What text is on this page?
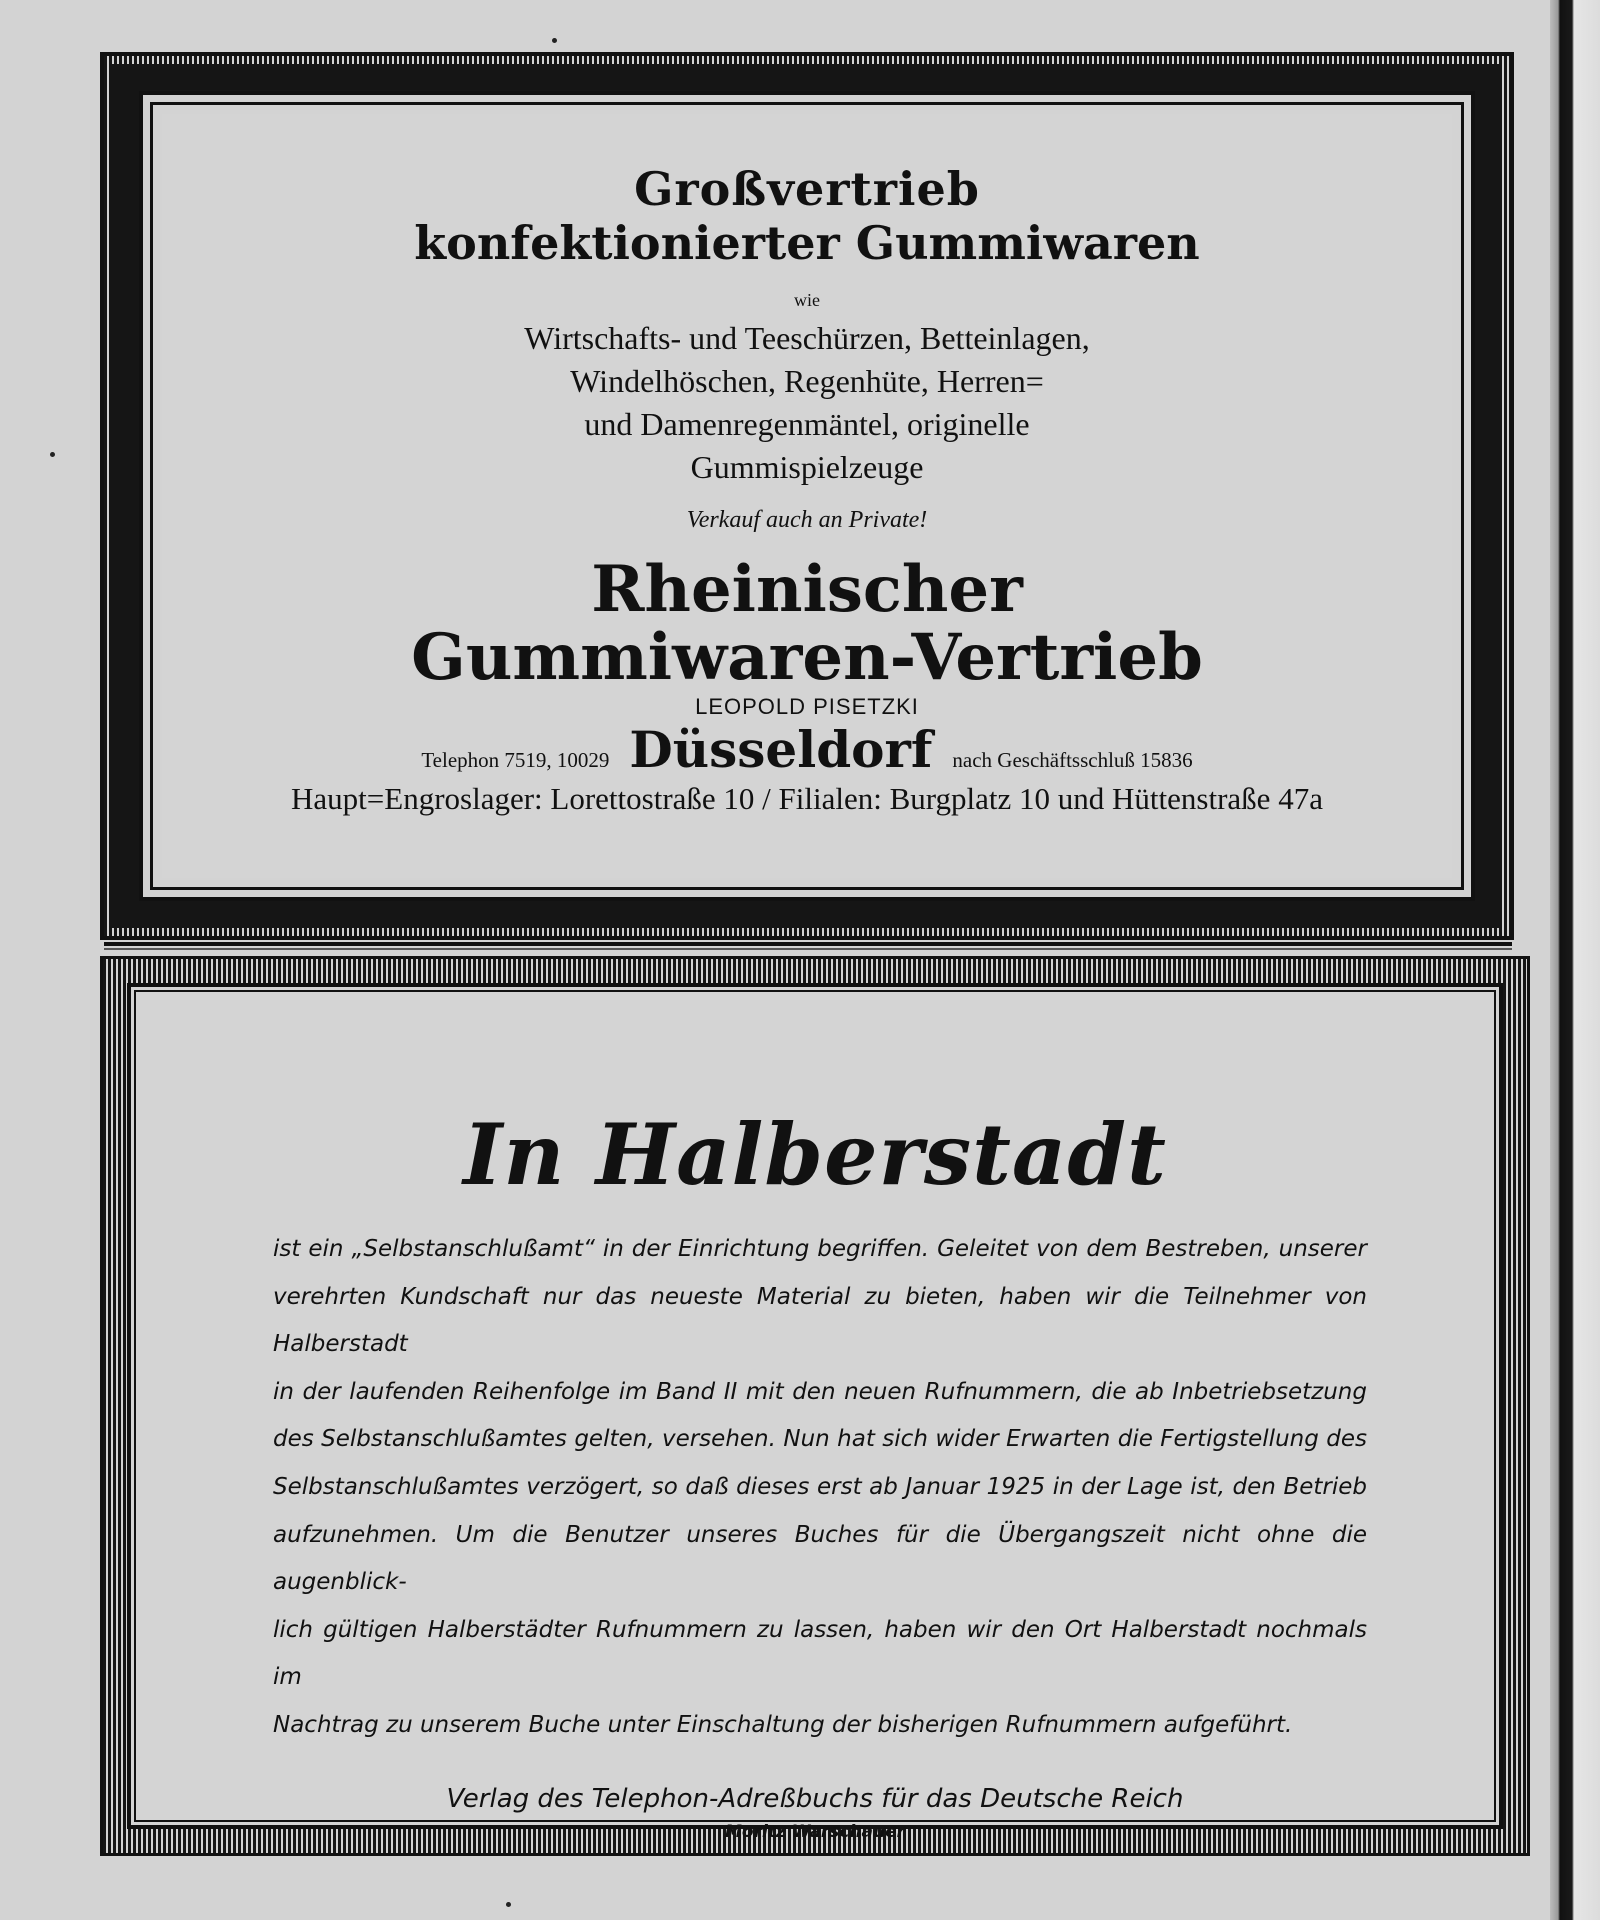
Großvertrieb
konfektionierter Gummiwaren
wie
Wirtschafts- und Teeschürzen, Betteinlagen,
Windelhöschen, Regenhüte, Herren=
und Damenregenmäntel, originelle
Gummispielzeuge
Verkauf auch an Private!
Rheinischer
Gummiwaren-Vertrieb
LEOPOLD PISETZKI
Telephon 7519, 10029 Düsseldorf nach Geschäftsschluß 15836
Haupt=Engroslager: Lorettostraße 10 / Filialen: Burgplatz 10 und Hüttenstraße 47a
In Halberstadt
ist ein „Selbstanschlußamt“ in der Einrichtung begriffen. Geleitet von dem Bestreben, unserer
verehrten Kundschaft nur das neueste Material zu bieten, haben wir die Teilnehmer von Halberstadt
in der laufenden Reihenfolge im Band II mit den neuen Rufnummern, die ab Inbetriebsetzung
des Selbstanschlußamtes gelten, versehen. Nun hat sich wider Erwarten die Fertigstellung des
Selbstanschlußamtes verzögert, so daß dieses erst ab Januar 1925 in der Lage ist, den Betrieb
aufzunehmen. Um die Benutzer unseres Buches für die Übergangszeit nicht ohne die augenblick-
lich gültigen Halberstädter Rufnummern zu lassen, haben wir den Ort Halberstadt nochmals im
Nachtrag zu unserem Buche unter Einschaltung der bisherigen Rufnummern aufgeführt.
Verlag des Telephon-Adreßbuchs für das Deutsche Reich
Moritz Warschauer
